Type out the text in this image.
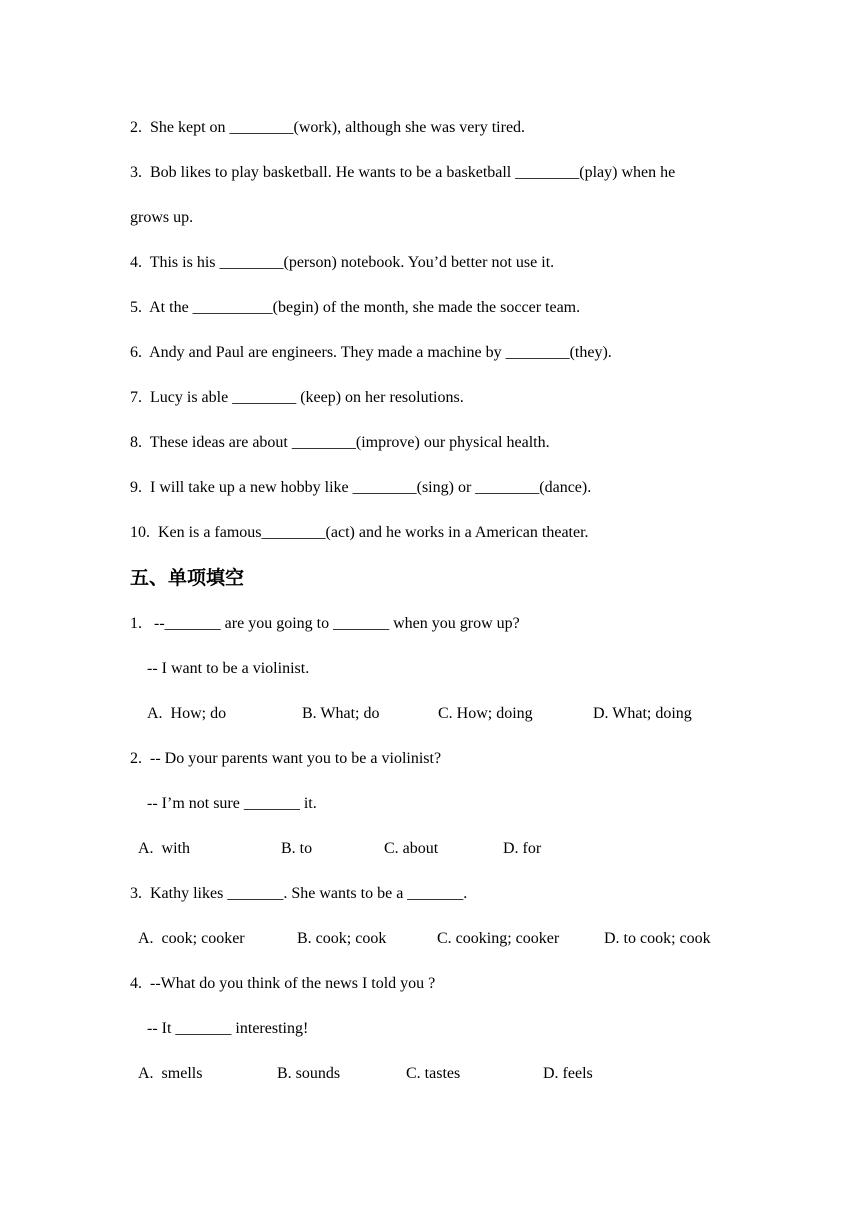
2.  She kept on ________(work), although she was very tired.
3.  Bob likes to play basketball. He wants to be a basketball ________(play) when he
grows up.
4.  This is his ________(person) notebook. You’d better not use it.
5.  At the __________(begin) of the month, she made the soccer team.
6.  Andy and Paul are engineers. They made a machine by ________(they).
7.  Lucy is able ________ (keep) on her resolutions.
8.  These ideas are about ________(improve) our physical health.
9.  I will take up a new hobby like ________(sing) or ________(dance).
10.  Ken is a famous________(act) and he works in a American theater.
五、单项填空
1.   --_______ are you going to _______ when you grow up?
-- I want to be a violinist.
A.  How; do	B. What; do	C. How; doing	D. What; doing
2.  -- Do your parents want you to be a violinist?
-- I’m not sure _______ it.
A.  with	B. to	C. about	D. for
3.  Kathy likes _______. She wants to be a _______.
A.  cook; cooker	B. cook; cook	C. cooking; cooker	D. to cook; cook
4.  --What do you think of the news I told you ?
-- It _______ interesting!
A.  smells	B. sounds	C. tastes	D. feels
